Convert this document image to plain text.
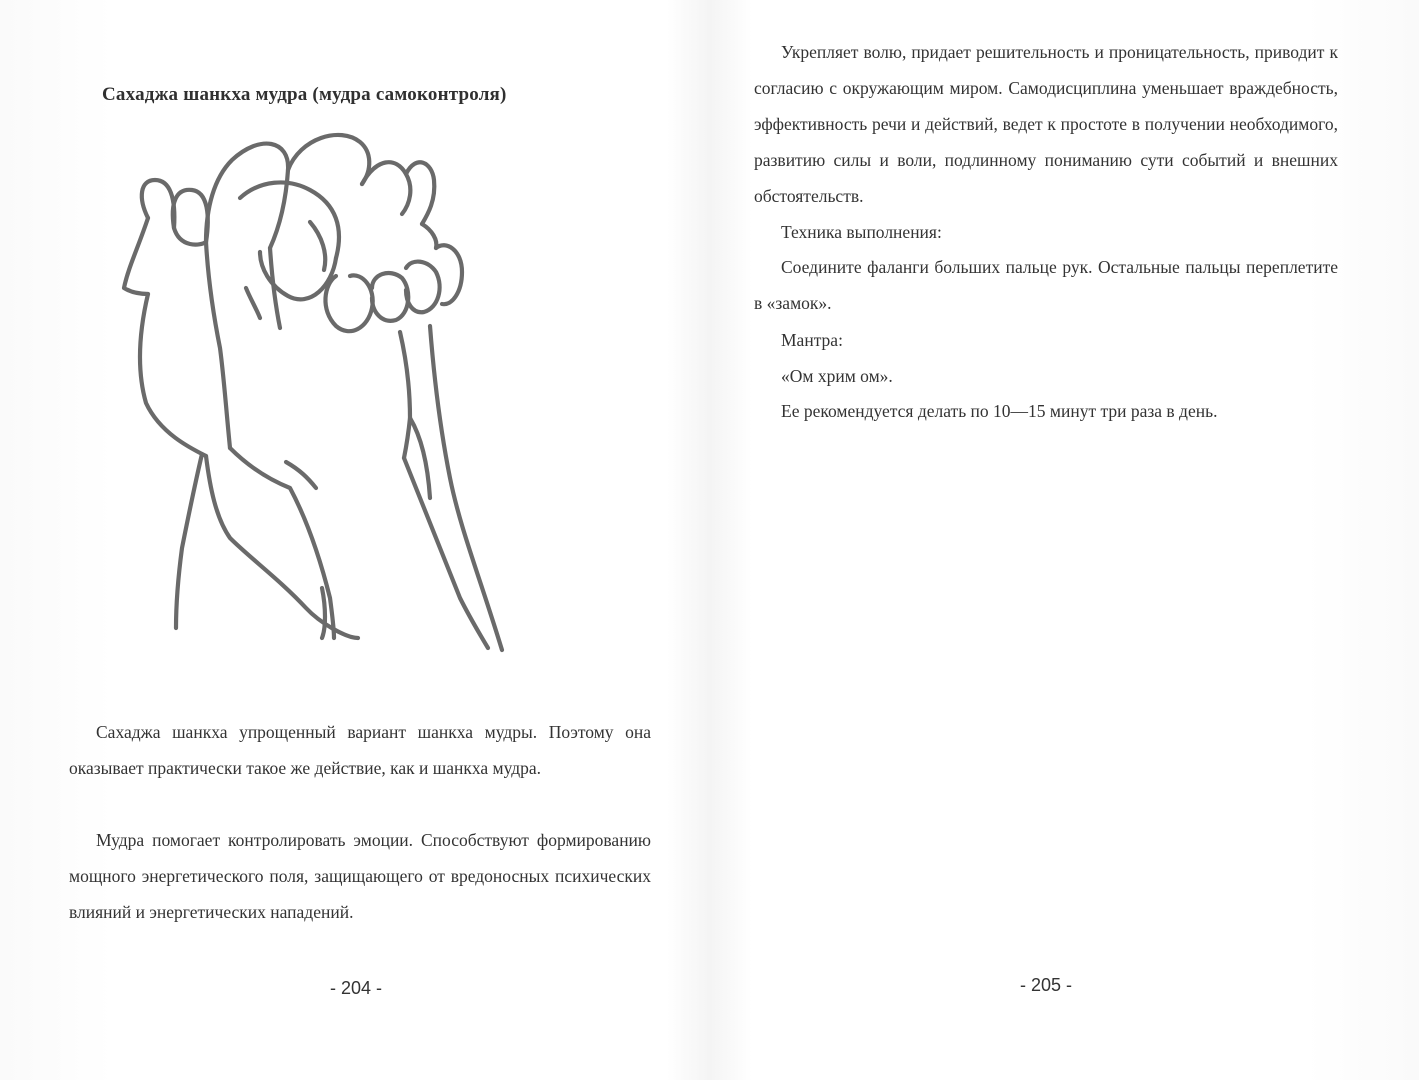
Сахаджа шанкха мудра (мудра самоконтроля)

Сахаджа шанкха упрощенный вариант шанкха мудры. Поэтому она оказывает практически такое же действие, как и шанкха мудра.

Мудра помогает контролировать эмоции. Способствуют формированию мощного энергетического поля, защищающего от вредоносных психических влияний и энергетических нападений.

- 204 -

Укрепляет волю, придает решительность и проницательность, приводит к согласию с окружающим миром. Самодисциплина уменьшает враждебность, эффективность речи и действий, ведет к простоте в получении необходимого, развитию силы и воли, подлинному пониманию сути событий и внешних обстоятельств.

Техника выполнения:

Соедините фаланги больших пальце рук. Остальные пальцы переплетите в «замок».

Мантра:

«Ом хрим ом».

Ее рекомендуется делать по 10—15 минут три раза в день.

- 205 -
